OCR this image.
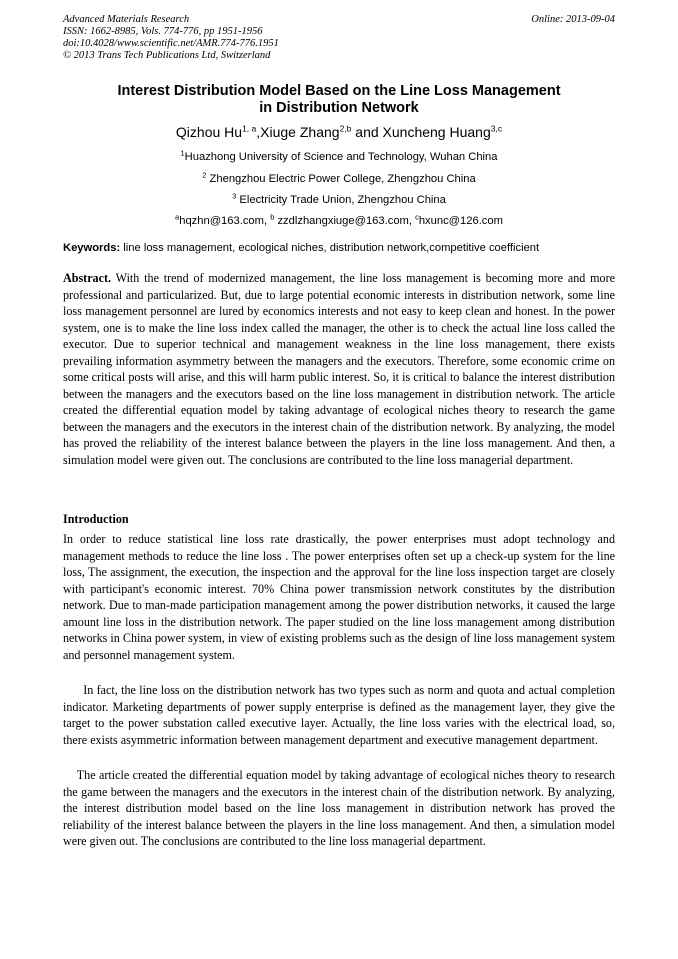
Advanced Materials Research	Online: 2013-09-04
ISSN: 1662-8985, Vols. 774-776, pp 1951-1956
doi:10.4028/www.scientific.net/AMR.774-776.1951
© 2013 Trans Tech Publications Ltd, Switzerland
Interest Distribution Model Based on the Line Loss Management
in Distribution Network
Qizhou Hu$^{1, a}$,Xiuge Zhang$^{2,b}$ and Xuncheng Huang$^{3,c}$
$^1$Huazhong University of Science and Technology, Wuhan China
$^2$ Zhengzhou Electric Power College, Zhengzhou China
$^3$ Electricity Trade Union, Zhengzhou China
$^a$hqzhn@163.com, $^b$ zzdlzhangxiuge@163.com, $^c$hxunc@126.com
Keywords: line loss management, ecological niches, distribution network,competitive coefficient
Abstract. With the trend of modernized management, the line loss management is becoming more and more professional and particularized. But, due to large potential economic interests in distribution network, some line loss management personnel are lured by economics interests and not easy to keep clean and honest. In the power system, one is to make the line loss index called the manager, the other is to check the actual line loss called the executor. Due to superior technical and management weakness in the line loss management, there exists prevailing information asymmetry between the managers and the executors. Therefore, some economic crime on some critical posts will arise, and this will harm public interest. So, it is critical to balance the interest distribution between the managers and the executors based on the line loss management in distribution network. The article created the differential equation model by taking advantage of ecological niches theory to research the game between the managers and the executors in the interest chain of the distribution network. By analyzing, the model has proved the reliability of the interest balance between the players in the line loss management. And then, a simulation model were given out. The conclusions are contributed to the line loss managerial department.
Introduction
In order to reduce statistical line loss rate drastically, the power enterprises must adopt technology and management methods to reduce the line loss . The power enterprises often set up a check-up system for the line loss, The assignment, the execution, the inspection and the approval for the line loss inspection target are closely with participant's economic interest. 70% China power transmission network constitutes by the distribution network. Due to man-made participation management among the power distribution networks, it caused the large amount line loss in the distribution network. The paper studied on the line loss management among distribution networks in China power system, in view of existing problems such as the design of line loss management system and personnel management system.
In fact, the line loss on the distribution network has two types such as norm and quota and actual completion indicator. Marketing departments of power supply enterprise is defined as the management layer, they give the target to the power substation called executive layer. Actually, the line loss varies with the electrical load, so, there exists asymmetric information between management department and executive management department.
The article created the differential equation model by taking advantage of ecological niches theory to research the game between the managers and the executors in the interest chain of the distribution network. By analyzing, the interest distribution model based on the line loss management in distribution network has proved the reliability of the interest balance between the players in the line loss management. And then, a simulation model were given out. The conclusions are contributed to the line loss managerial department.
